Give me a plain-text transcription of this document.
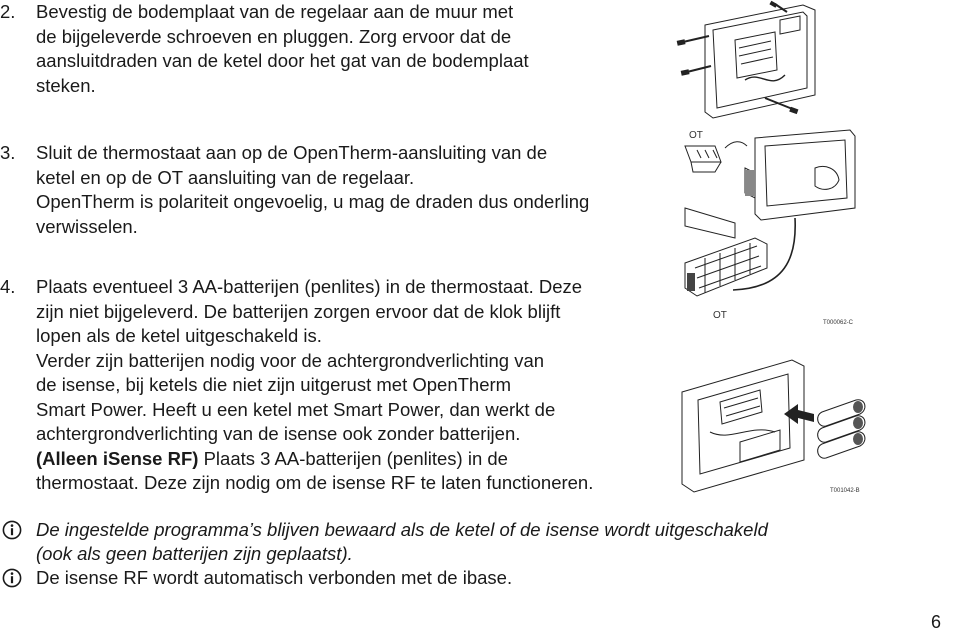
2. Bevestig de bodemplaat van de regelaar aan de muur met
de bijgeleverde schroeven en pluggen. Zorg ervoor dat de
aansluitdraden van de ketel door het gat van de bodemplaat
steken.
3. Sluit de thermostaat aan op de OpenTherm-aansluiting van de
ketel en op de OT aansluiting van de regelaar.
OpenTherm is polariteit ongevoelig, u mag de draden dus onderling
verwisselen.
4. Plaats eventueel 3 AA-batterijen (penlites) in de thermostaat. Deze
zijn niet bijgeleverd. De batterijen zorgen ervoor dat de klok blijft
lopen als de ketel uitgeschakeld is.
Verder zijn batterijen nodig voor de achtergrondverlichting van
de isense, bij ketels die niet zijn uitgerust met OpenTherm
Smart Power. Heeft u een ketel met Smart Power, dan werkt de
achtergrondverlichting van de isense ook zonder batterijen.
(Alleen iSense RF) Plaats 3 AA-batterijen (penlites) in de
thermostaat. Deze zijn nodig om de isense RF te laten functioneren.
De ingestelde programma’s blijven bewaard als de ketel of de isense wordt uitgeschakeld
(ook als geen batterijen zijn geplaatst).
De isense RF wordt automatisch verbonden met de ibase.
6
OT
OT
T000062-C
T001042-B
